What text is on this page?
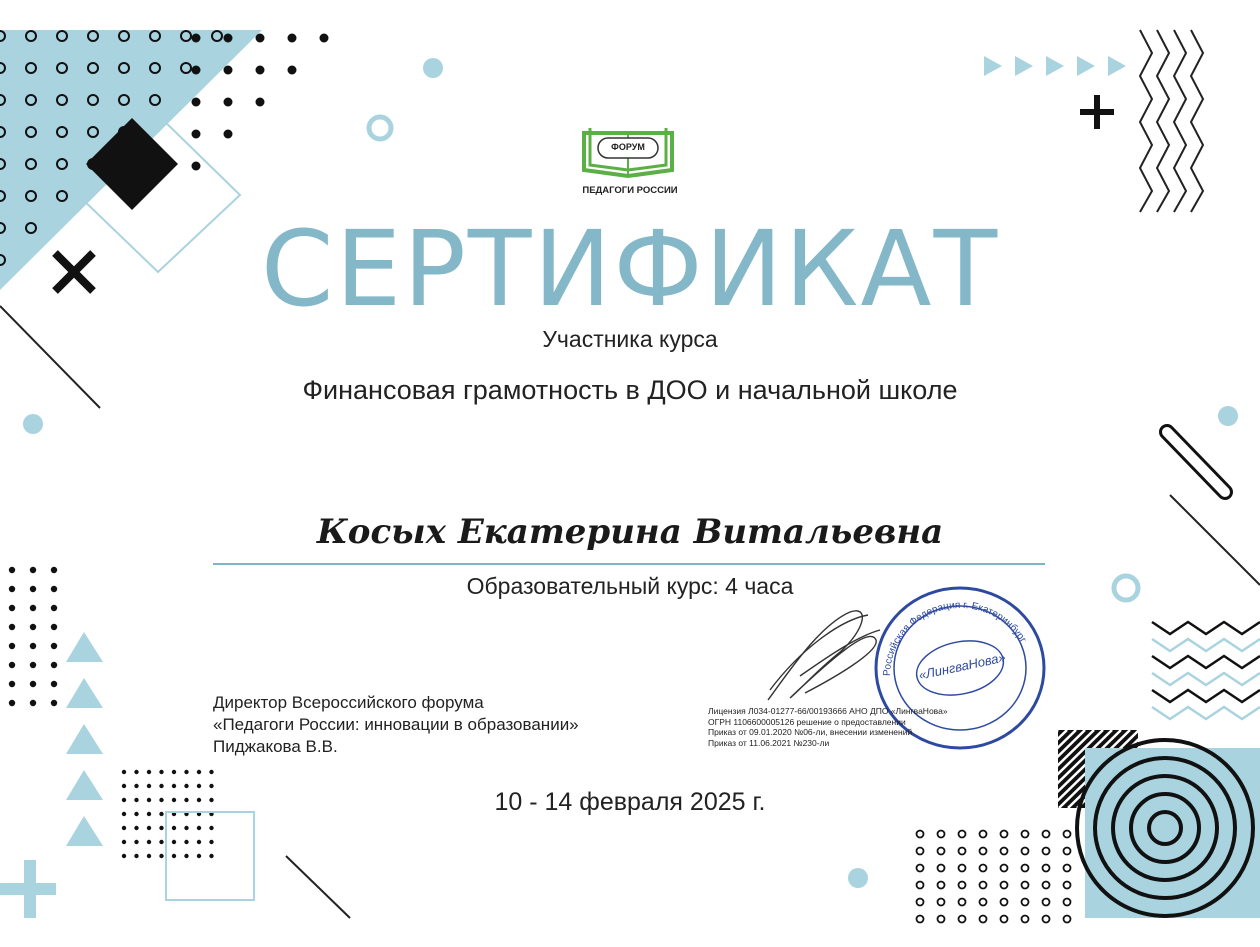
ФОРУМ
ПЕДАГОГИ РОССИИ
«ЛингваНова»
Российская Федерация г. Екатеринбург
СЕРТИФИКАТ
Участника курса
Финансовая грамотность в ДОО и начальной школе
Косых Екатерина Витальевна
Образовательный курс: 4 часа
Директор Всероссийского форума
«Педагоги России: инновации в образовании»
Пиджакова В.В.
Лицензия Л034-01277-66/00193666 АНО ДПО «ЛингваНова»
ОГРН 1106600005126 решение о предоставлении
Приказ от 09.01.2020 №06-ли, внесении изменений
Приказ от 11.06.2021 №230-ли
10 - 14 февраля 2025 г.
